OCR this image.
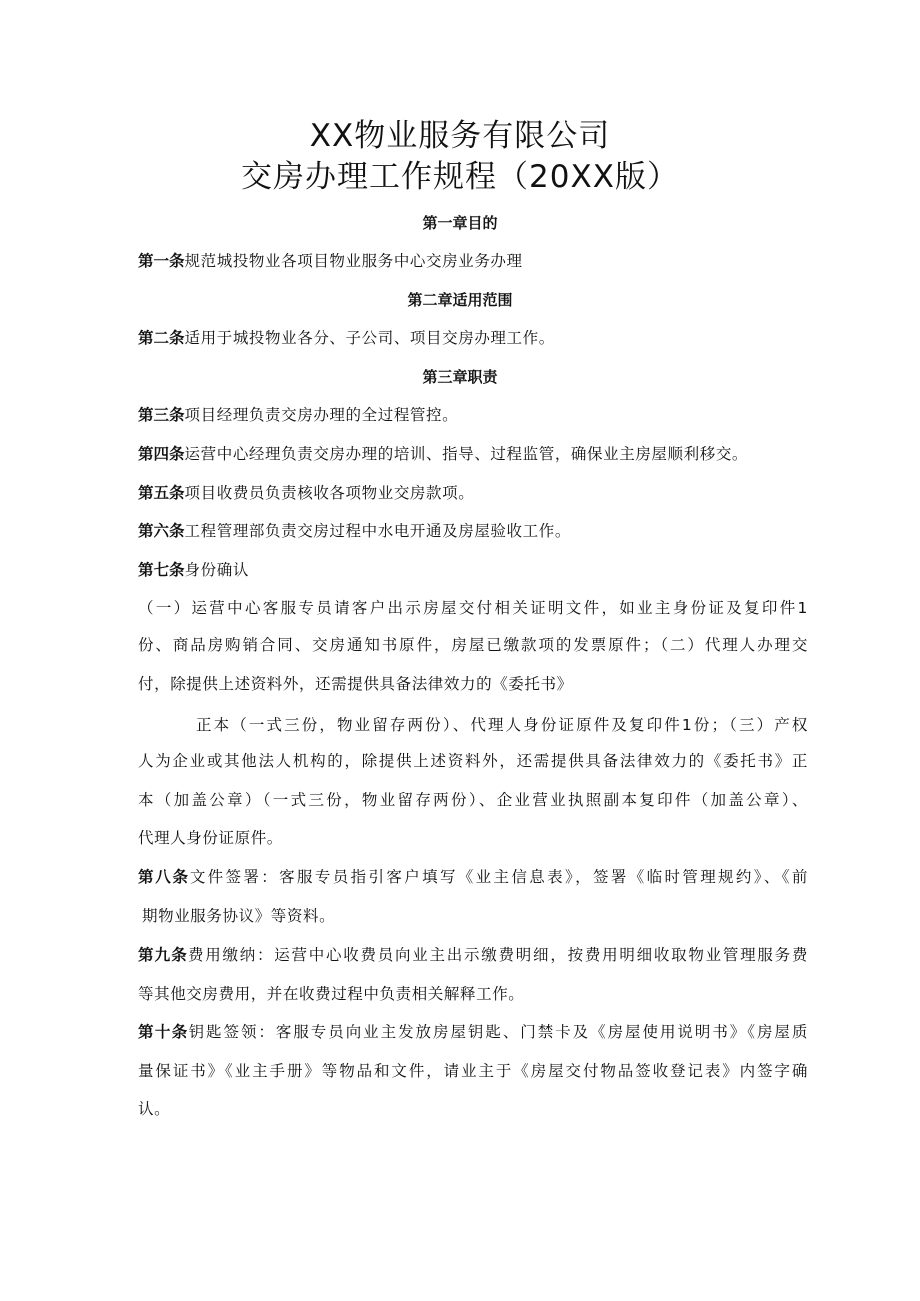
XX物业服务有限公司
交房办理工作规程（20XX版）
第一章目的
第一条规范城投物业各项目物业服务中心交房业务办理
第二章适用范围
第二条适用于城投物业各分、子公司、项目交房办理工作。
第三章职责
第三条项目经理负责交房办理的全过程管控。
第四条运营中心经理负责交房办理的培训、指导、过程监管，确保业主房屋顺利移交。
第五条项目收费员负责核收各项物业交房款项。
第六条工程管理部负责交房过程中水电开通及房屋验收工作。
第七条身份确认
（一）运营中心客服专员请客户出示房屋交付相关证明文件，如业主身份证及复印件1
份、商品房购销合同、交房通知书原件，房屋已缴款项的发票原件；（二）代理人办理交
付，除提供上述资料外，还需提供具备法律效力的《委托书》
正本（一式三份，物业留存两份）、代理人身份证原件及复印件1份；（三）产权
人为企业或其他法人机构的，除提供上述资料外，还需提供具备法律效力的《委托书》正
本（加盖公章）（一式三份，物业留存两份）、企业营业执照副本复印件（加盖公章）、
代理人身份证原件。
第八条文件签署：客服专员指引客户填写《业主信息表》，签署《临时管理规约》、《前
期物业服务协议》等资料。
第九条费用缴纳：运营中心收费员向业主出示缴费明细，按费用明细收取物业管理服务费
等其他交房费用，并在收费过程中负责相关解释工作。
第十条钥匙签领：客服专员向业主发放房屋钥匙、门禁卡及《房屋使用说明书》《房屋质
量保证书》《业主手册》等物品和文件，请业主于《房屋交付物品签收登记表》内签字确
认。
